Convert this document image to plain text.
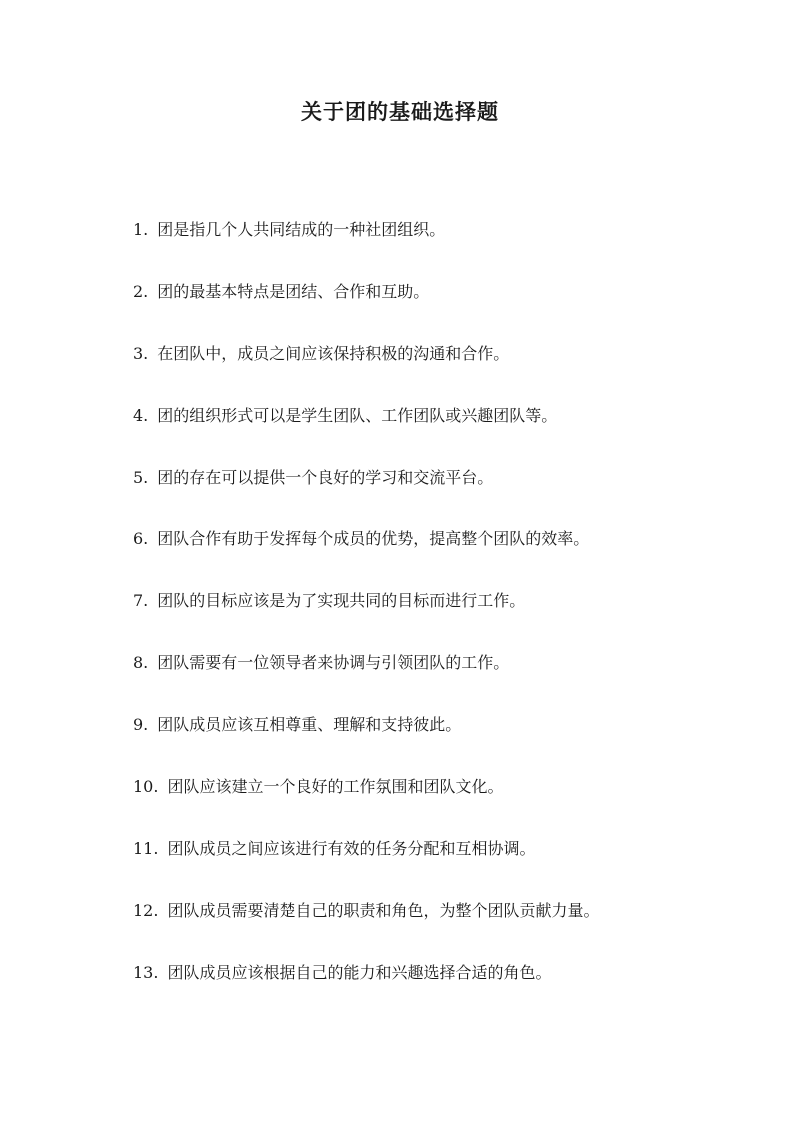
关于团的基础选择题
1. 团是指几个人共同结成的一种社团组织。
2. 团的最基本特点是团结、合作和互助。
3. 在团队中，成员之间应该保持积极的沟通和合作。
4. 团的组织形式可以是学生团队、工作团队或兴趣团队等。
5. 团的存在可以提供一个良好的学习和交流平台。
6. 团队合作有助于发挥每个成员的优势，提高整个团队的效率。
7. 团队的目标应该是为了实现共同的目标而进行工作。
8. 团队需要有一位领导者来协调与引领团队的工作。
9. 团队成员应该互相尊重、理解和支持彼此。
10. 团队应该建立一个良好的工作氛围和团队文化。
11. 团队成员之间应该进行有效的任务分配和互相协调。
12. 团队成员需要清楚自己的职责和角色，为整个团队贡献力量。
13. 团队成员应该根据自己的能力和兴趣选择合适的角色。
